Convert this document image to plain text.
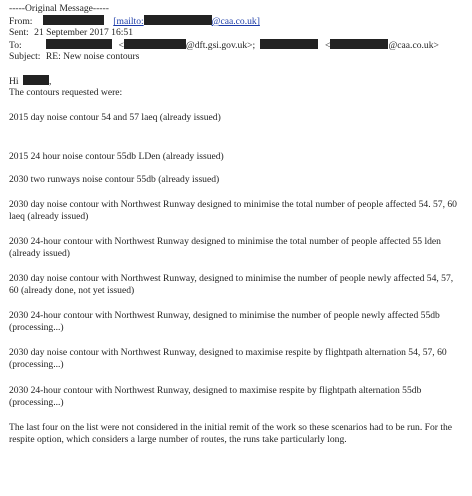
-----Original Message-----
From:	[mailto:	@caa.co.uk]
Sent: 21 September 2017 16:51
To:	<	@dft.gsi.gov.uk>;	<	@caa.co.uk>
Subject: RE: New noise contours
Hi	,
The contours requested were:
2015 day noise contour 54 and 57 laeq (already issued)
2015 24 hour noise contour 55db LDen (already issued)
2030 two runways noise contour 55db (already issued)
2030 day noise contour with Northwest Runway designed to minimise the total number of people affected 54. 57, 60 laeq (already issued)
2030 24-hour contour with Northwest Runway designed to minimise the total number of people affected 55 lden (already issued)
2030 day noise contour with Northwest Runway, designed to minimise the number of people newly affected 54, 57, 60 (already done, not yet issued)
2030 24-hour contour with Northwest Runway, designed to minimise the number of people newly affected 55db (processing...)
2030 day noise contour with Northwest Runway, designed to maximise respite by flightpath alternation 54, 57, 60 (processing...)
2030 24-hour contour with Northwest Runway, designed to maximise respite by flightpath alternation 55db (processing...)
The last four on the list were not considered in the initial remit of the work so these scenarios had to be run. For the respite option, which considers a large number of routes, the runs take particularly long.
